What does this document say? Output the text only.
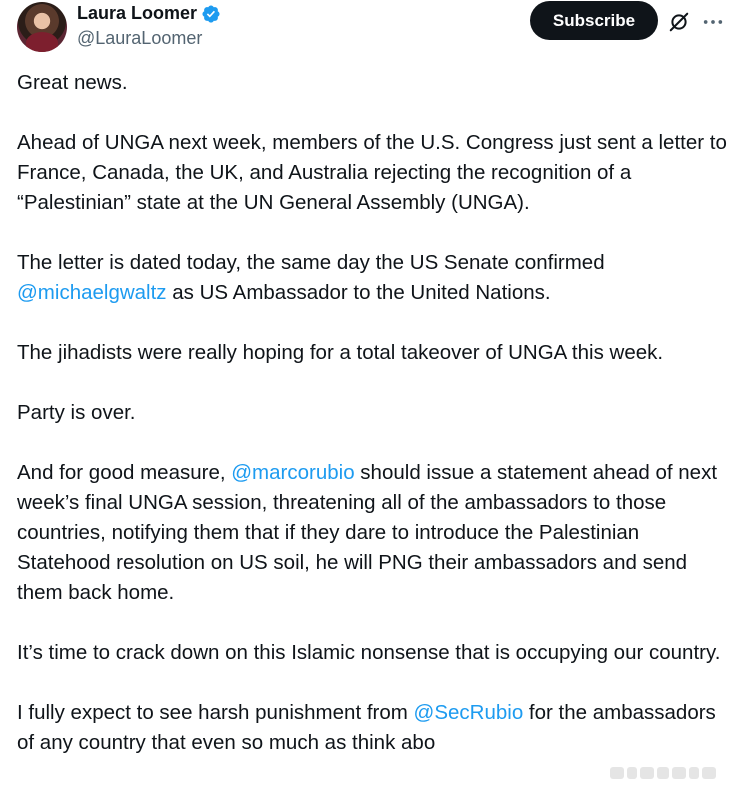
Laura Loomer
@LauraLoomer
Subscribe

Great news.

Ahead of UNGA next week, members of the U.S. Congress just sent a letter to France, Canada, the UK, and Australia rejecting the recognition of a “Palestinian” state at the UN General Assembly (UNGA).

The letter is dated today, the same day the US Senate confirmed @michaelgwaltz as US Ambassador to the United Nations.

The jihadists were really hoping for a total takeover of UNGA this week.

Party is over.

And for good measure, @marcorubio should issue a statement ahead of next week’s final UNGA session, threatening all of the ambassadors to those countries, notifying them that if they dare to introduce the Palestinian Statehood resolution on US soil, he will PNG their ambassadors and send them back home.

It’s time to crack down on this Islamic nonsense that is occupying our country.

I fully expect to see harsh punishment from @SecRubio for the ambassadors of any country that even so much as think abo
